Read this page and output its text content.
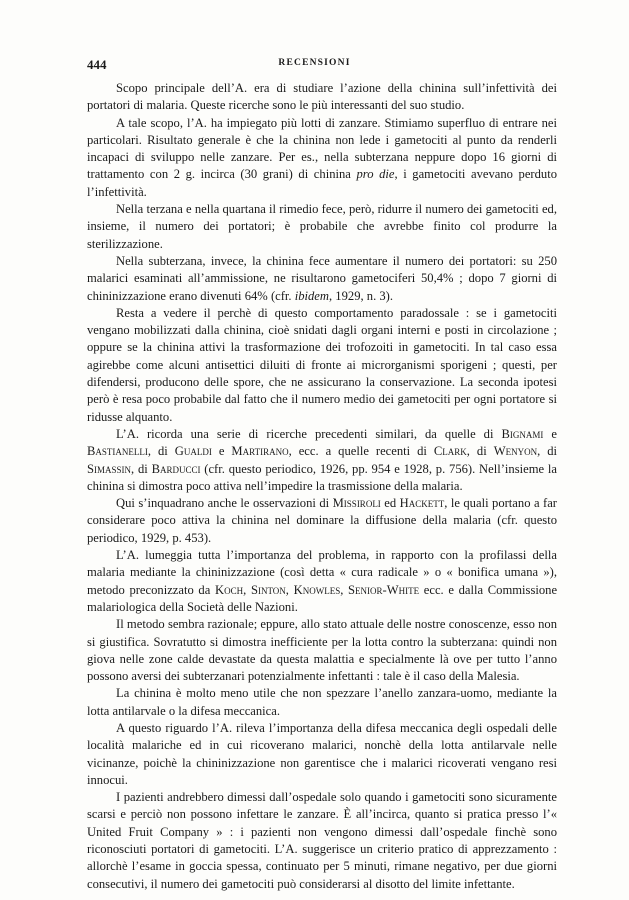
444	RECENSIONI

Scopo principale dell’A. era di studiare l’azione della chinina sull’infettività dei portatori di malaria. Queste ricerche sono le più interessanti del suo studio.

A tale scopo, l’A. ha impiegato più lotti di zanzare. Stimiamo superfluo di entrare nei particolari. Risultato generale è che la chinina non lede i gametociti al punto da renderli incapaci di sviluppo nelle zanzare. Per es., nella subterzana neppure dopo 16 giorni di trattamento con 2 g. incirca (30 grani) di chinina pro die, i gametociti avevano perduto l’infettività.

Nella terzana e nella quartana il rimedio fece, però, ridurre il numero dei gametociti ed, insieme, il numero dei portatori; è probabile che avrebbe finito col produrre la sterilizzazione.

Nella subterzana, invece, la chinina fece aumentare il numero dei portatori: su 250 malarici esaminati all’ammissione, ne risultarono gametociferi 50,4% ; dopo 7 giorni di chininizzazione erano divenuti 64% (cfr. ibidem, 1929, n. 3).

Resta a vedere il perchè di questo comportamento paradossale : se i gametociti vengano mobilizzati dalla chinina, cioè snidati dagli organi interni e posti in circolazione ; oppure se la chinina attivi la trasformazione dei trofozoiti in gametociti. In tal caso essa agirebbe come alcuni antisettici diluiti di fronte ai microrganismi sporigeni ; questi, per difendersi, producono delle spore, che ne assicurano la conservazione. La seconda ipotesi però è resa poco probabile dal fatto che il numero medio dei gametociti per ogni portatore si ridusse alquanto.

L’A. ricorda una serie di ricerche precedenti similari, da quelle di Bignami e Bastianelli, di Gualdi e Martirano, ecc. a quelle recenti di Clark, di Wenyon, di Simassin, di Barducci (cfr. questo periodico, 1926, pp. 954 e 1928, p. 756). Nell’insieme la chinina si dimostra poco attiva nell’impedire la trasmissione della malaria.

Qui s’inquadrano anche le osservazioni di Missiroli ed Hackett, le quali portano a far considerare poco attiva la chinina nel dominare la diffusione della malaria (cfr. questo periodico, 1929, p. 453).

L’A. lumeggia tutta l’importanza del problema, in rapporto con la profilassi della malaria mediante la chininizzazione (così detta « cura radicale » o « bonifica umana »), metodo preconizzato da Koch, Sinton, Knowles, Senior-White ecc. e dalla Commissione malariologica della Società delle Nazioni.

Il metodo sembra razionale; eppure, allo stato attuale delle nostre conoscenze, esso non si giustifica. Sovratutto si dimostra inefficiente per la lotta contro la subterzana: quindi non giova nelle zone calde devastate da questa malattia e specialmente là ove per tutto l’anno possono aversi dei subterzanari potenzialmente infettanti : tale è il caso della Malesia.

La chinina è molto meno utile che non spezzare l’anello zanzara-uomo, mediante la lotta antilarvale o la difesa meccanica.

A questo riguardo l’A. rileva l’importanza della difesa meccanica degli ospedali delle località malariche ed in cui ricoverano malarici, nonchè della lotta antilarvale nelle vicinanze, poichè la chininizzazione non garentisce che i malarici ricoverati vengano resi innocui.

I pazienti andrebbero dimessi dall’ospedale solo quando i gametociti sono sicuramente scarsi e perciò non possono infettare le zanzare. È all’incirca, quanto si pratica presso l’« United Fruit Company » : i pazienti non vengono dimessi dall’ospedale finchè sono riconosciuti portatori di gametociti. L’A. suggerisce un criterio pratico di apprezzamento : allorchè l’esame in goccia spessa, continuato per 5 minuti, rimane negativo, per due giorni consecutivi, il numero dei gametociti può considerarsi al disotto del limite infettante.
